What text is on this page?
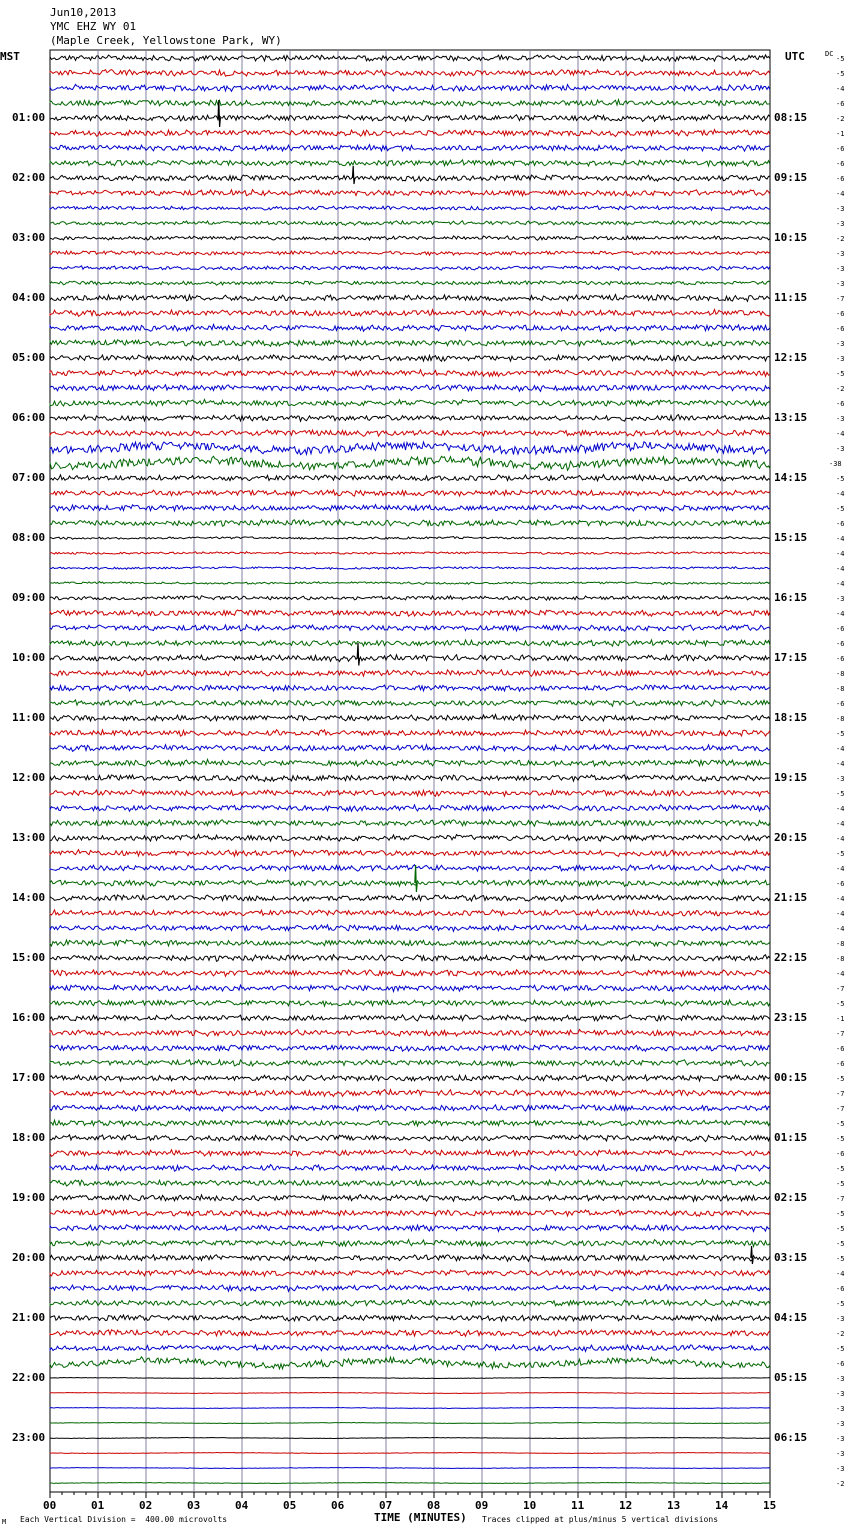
Jun10,2013
YMC EHZ WY 01
(Maple Creek, Yellowstone Park, WY)
MST	UTC	DC
01:00
02:00
03:00
04:00
05:00
06:00
07:00
08:00
09:00
10:00
11:00
12:00
13:00
14:00
15:00
16:00
17:00
18:00
19:00
20:00
21:00
22:00
23:00
08:15
09:15
10:15
11:15
12:15
13:15
14:15
15:15
16:15
17:15
18:15
19:15
20:15
21:15
22:15
23:15
00:15
01:15
02:15
03:15
04:15
05:15
06:15
-5
-5
-4
-6
-2
-1
-6
-6
-6
-4
-3
-3
-2
-3
-3
-3
-7
-6
-6
-3
-3
-5
-2
-6
-3
-4
-3
-38
-5
-4
-5
-6
-4
-4
-4
-4
-3
-4
-6
-6
-6
-8
-8
-6
-8
-5
-4
-4
-3
-5
-4
-4
-4
-5
-4
-6
-4
-4
-4
-8
-8
-4
-7
-5
-1
-7
-6
-6
-5
-7
-7
-5
-5
-6
-5
-5
-7
-5
-5
-5
-5
-4
-6
-5
-3
-2
-5
-6
-3
-3
-3
-3
-3
-3
-3
-2
00	01	02	03	04	05	06	07	08	09	10	11	12	13	14	15
M Each Vertical Division =  400.00 microvolts	TIME (MINUTES) Traces clipped at plus/minus 5 vertical divisions
